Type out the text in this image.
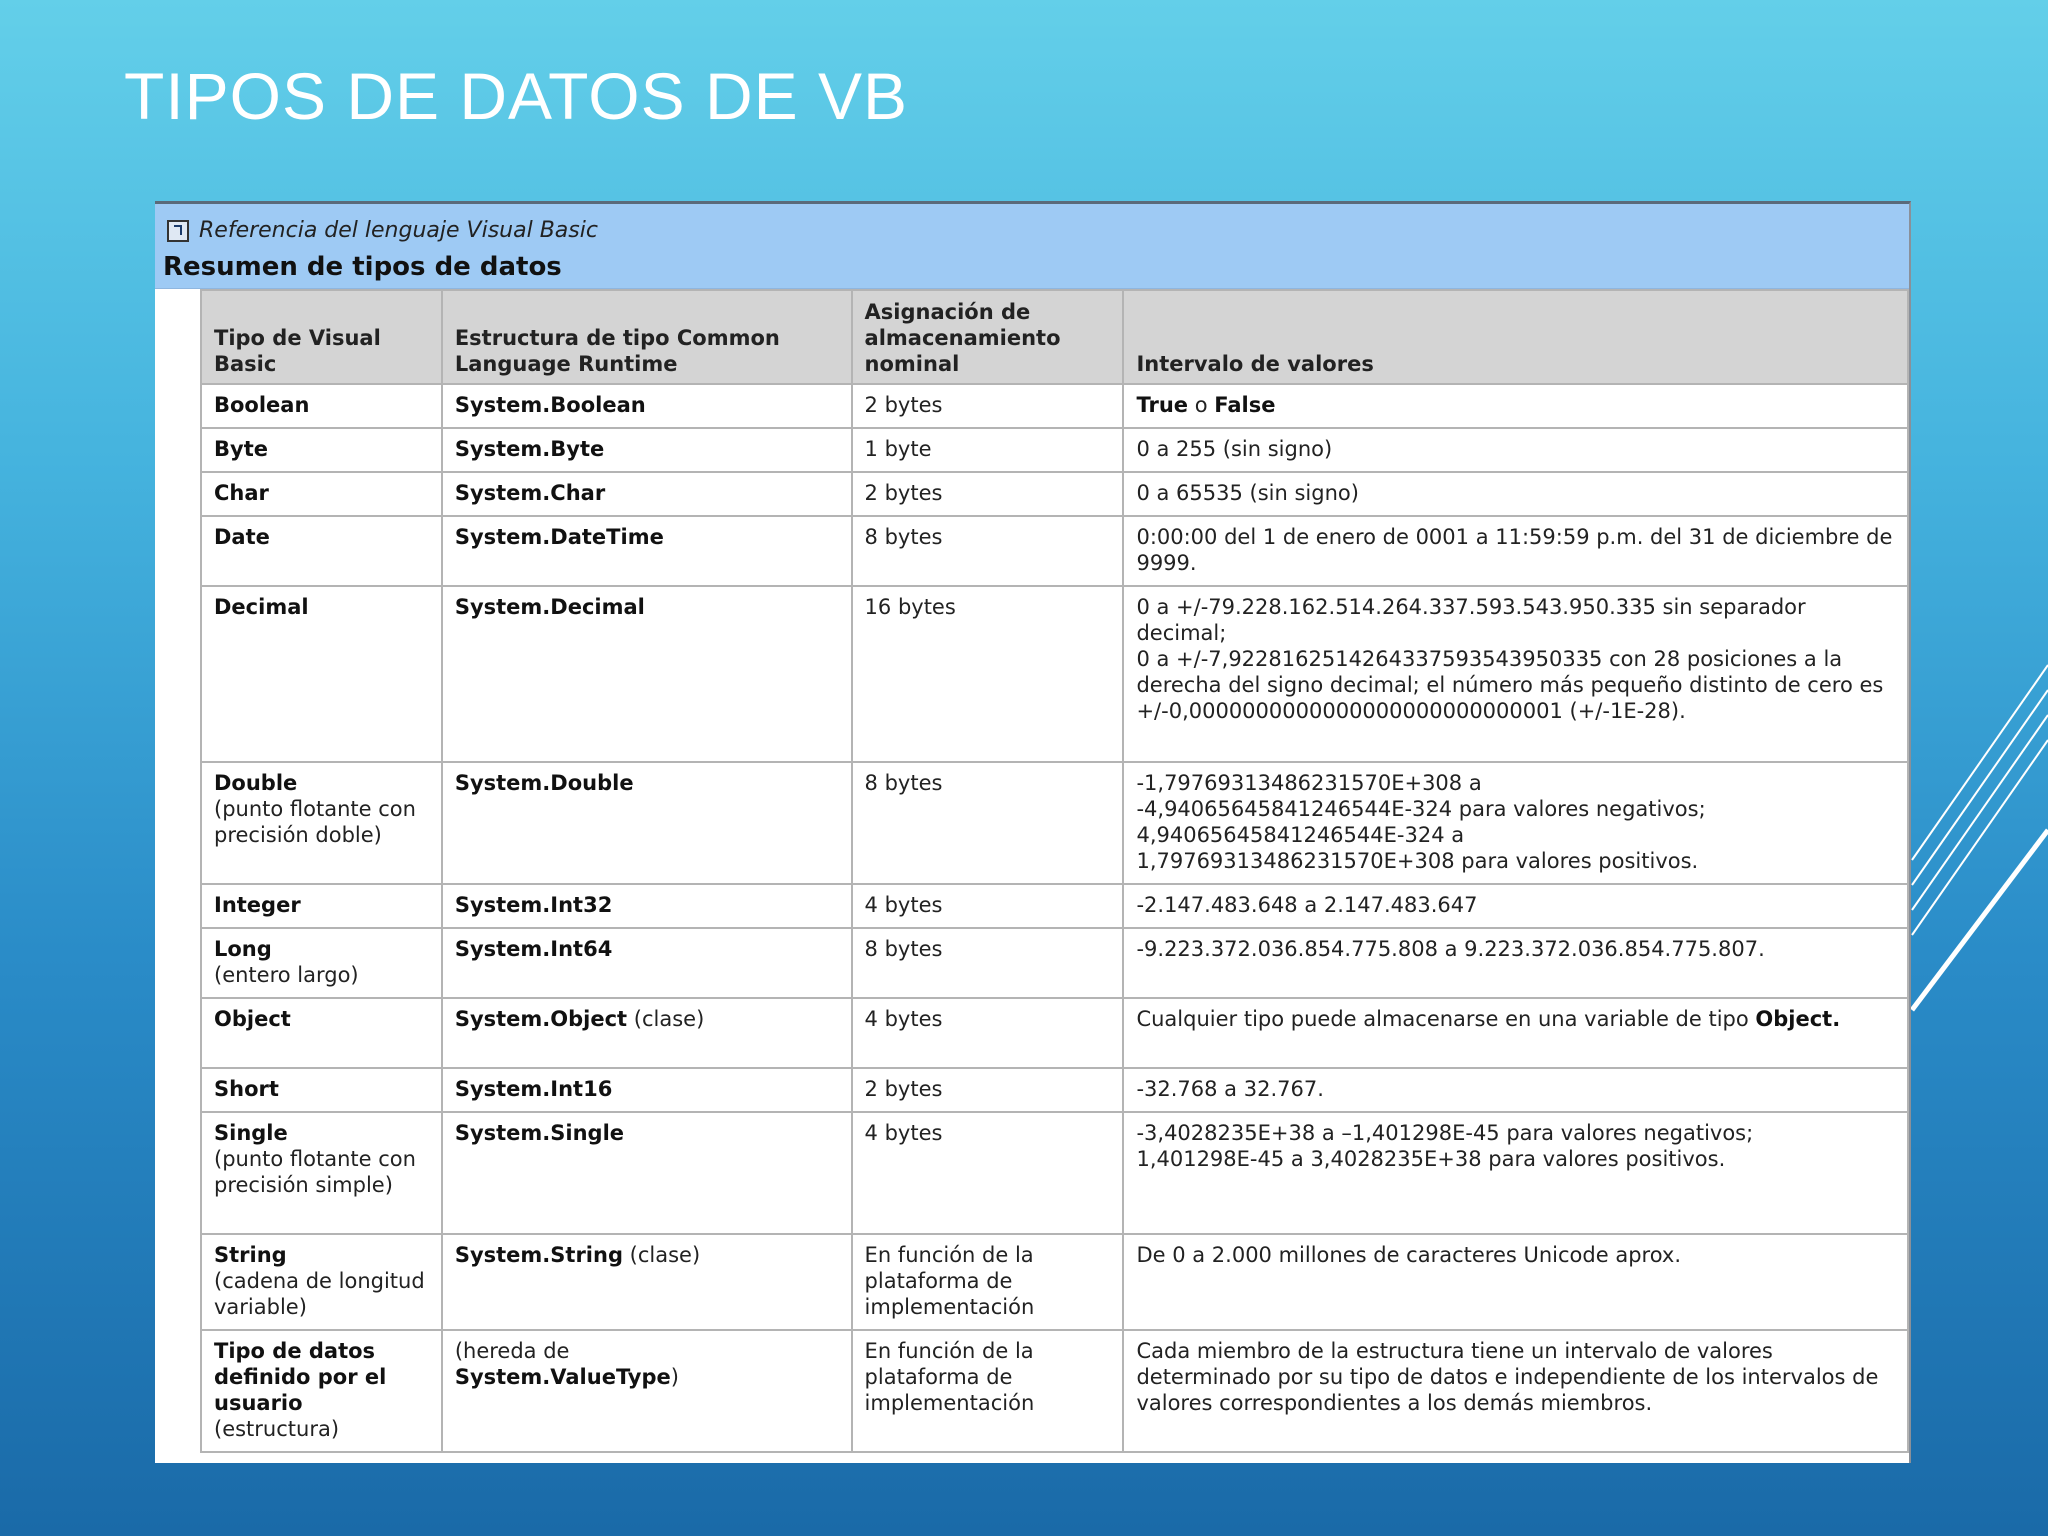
TIPOS DE DATOS DE VB
Referencia del lenguaje Visual Basic
Resumen de tipos de datos
Tipo de Visual Basic	Estructura de tipo Common Language Runtime	Asignación de almacenamiento nominal	Intervalo de valores
Boolean	System.Boolean	2 bytes	True o False
Byte	System.Byte	1 byte	0 a 255 (sin signo)
Char	System.Char	2 bytes	0 a 65535 (sin signo)
Date	System.DateTime	8 bytes	0:00:00 del 1 de enero de 0001 a 11:59:59 p.m. del 31 de diciembre de 9999.
Decimal	System.Decimal	16 bytes	0 a +/-79.228.162.514.264.337.593.543.950.335 sin separador decimal;
0 a +/-7,9228162514264337593543950335 con 28 posiciones a la derecha del signo decimal; el número más pequeño distinto de cero es
+/-0,0000000000000000000000000001 (+/-1E-28).

Double
(punto flotante con precisión doble)	System.Double	8 bytes	-1,79769313486231570E+308 a
-4,94065645841246544E-324 para valores negativos;
4,94065645841246544E-324 a
1,79769313486231570E+308 para valores positivos.

Integer	System.Int32	4 bytes	-2.147.483.648 a 2.147.483.647
Long
(entero largo)	System.Int64	8 bytes	-9.223.372.036.854.775.808 a 9.223.372.036.854.775.807.
Object	System.Object (clase)	4 bytes	Cualquier tipo puede almacenarse en una variable de tipo Object.
Short	System.Int16	2 bytes	-32.768 a 32.767.
Single
(punto flotante con precisión simple)	System.Single	4 bytes	-3,4028235E+38 a –1,401298E-45 para valores negativos;
1,401298E-45 a 3,4028235E+38 para valores positivos.

String
(cadena de longitud variable)	System.String (clase)	En función de la plataforma de implementación	De 0 a 2.000 millones de caracteres Unicode aprox.
Tipo de datos definido por el usuario
(estructura)	(hereda de
System.ValueType)	En función de la plataforma de implementación	Cada miembro de la estructura tiene un intervalo de valores determinado por su tipo de datos e independiente de los intervalos de valores correspondientes a los demás miembros.
